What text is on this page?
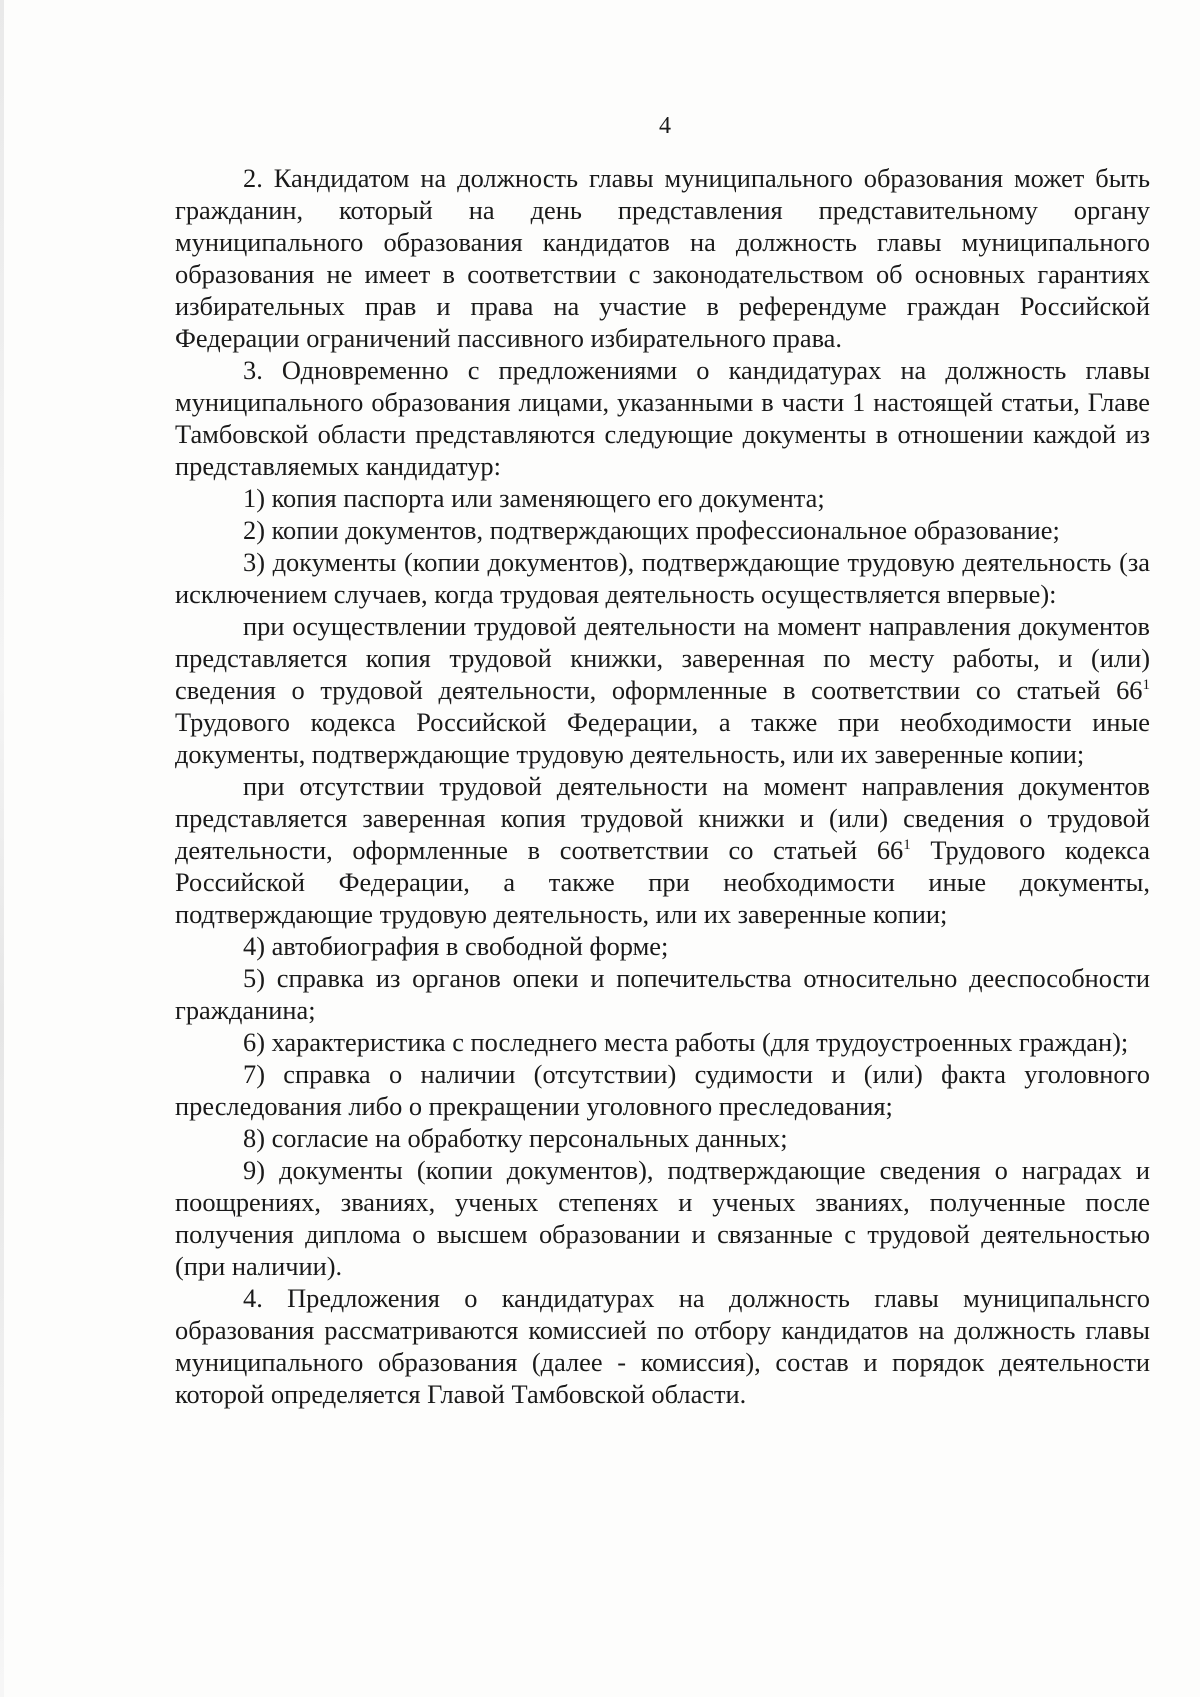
4

2. Кандидатом на должность главы муниципального образования может быть гражданин, который на день представления представительному органу муниципального образования кандидатов на должность главы муниципального образования не имеет в соответствии с законодательством об основных гарантиях избирательных прав и права на участие в референдуме граждан Российской Федерации ограничений пассивного избирательного права.

3. Одновременно с предложениями о кандидатурах на должность главы муниципального образования лицами, указанными в части 1 настоящей статьи, Главе Тамбовской области представляются следующие документы в отношении каждой из представляемых кандидатур:

1) копия паспорта или заменяющего его документа;

2) копии документов, подтверждающих профессиональное образование;

3) документы (копии документов), подтверждающие трудовую деятельность (за исключением случаев, когда трудовая деятельность осуществляется впервые):

при осуществлении трудовой деятельности на момент направления документов представляется копия трудовой книжки, заверенная по месту работы, и (или) сведения о трудовой деятельности, оформленные в соответствии со статьей $66^1$ Трудового кодекса Российской Федерации, а также при необходимости иные документы, подтверждающие трудовую деятельность, или их заверенные копии;

при отсутствии трудовой деятельности на момент направления документов представляется заверенная копия трудовой книжки и (или) сведения о трудовой деятельности, оформленные в соответствии со статьей $66^1$ Трудового кодекса Российской Федерации, а также при необходимости иные документы, подтверждающие трудовую деятельность, или их заверенные копии;

4) автобиография в свободной форме;

5) справка из органов опеки и попечительства относительно дееспособности гражданина;

6) характеристика с последнего места работы (для трудоустроенных граждан);

7) справка о наличии (отсутствии) судимости и (или) факта уголовного преследования либо о прекращении уголовного преследования;

8) согласие на обработку персональных данных;

9) документы (копии документов), подтверждающие сведения о наградах и поощрениях, званиях, ученых степенях и ученых званиях, полученные после получения диплома о высшем образовании и связанные с трудовой деятельностью (при наличии).

4. Предложения о кандидатурах на должность главы муниципальнсго образования рассматриваются комиссией по отбору кандидатов на должность главы муниципального образования (далее - комиссия), состав и порядок деятельности которой определяется Главой Тамбовской области.
